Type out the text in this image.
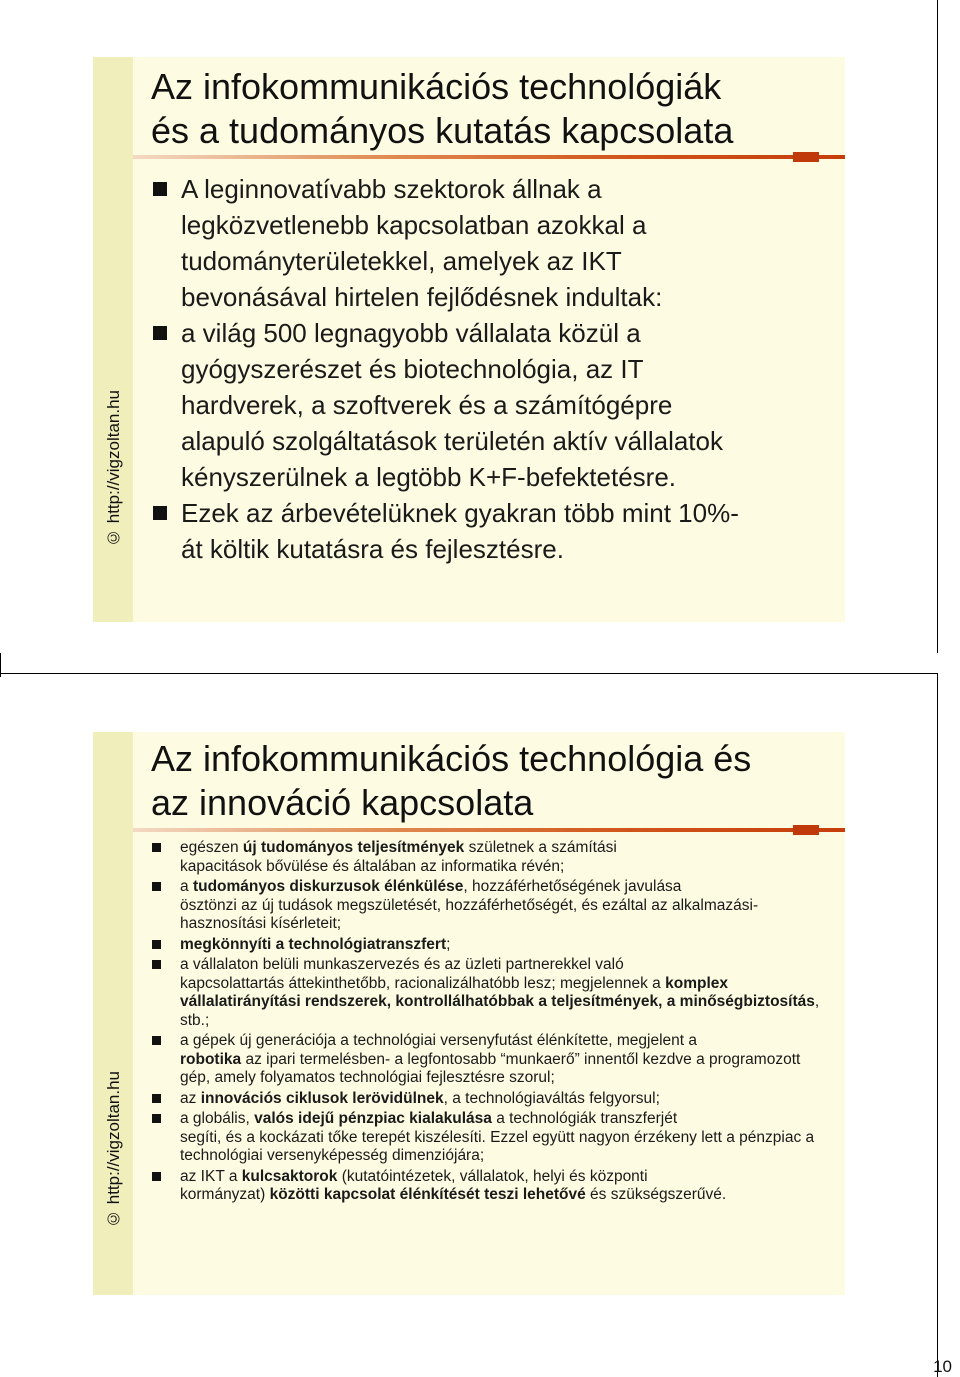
© http://vigzoltan.hu
Az infokommunikációs technológiák
és a tudományos kutatás kapcsolata
A leginnovatívabb szektorok állnak a
legközvetlenebb kapcsolatban azokkal a
tudományterületekkel, amelyek az IKT
bevonásával hirtelen fejlődésnek indultak:
a világ 500 legnagyobb vállalata közül a
gyógyszerészet és biotechnológia, az IT
hardverek, a szoftverek és a számítógépre
alapuló szolgáltatások területén aktív vállalatok
kényszerülnek a legtöbb K+F-befektetésre.
Ezek az árbevételüknek gyakran több mint 10%-
át költik kutatásra és fejlesztésre.
© http://vigzoltan.hu
Az infokommunikációs technológia és
az innováció kapcsolata
egészen új tudományos teljesítmények születnek a számítási
kapacitások bővülése és általában az informatika révén;
a tudományos diskurzusok élénkülése, hozzáférhetőségének javulása
ösztönzi az új tudások megszületését, hozzáférhetőségét, és ezáltal az alkalmazási-hasznosítási kísérleteit;
megkönnyíti a technológiatranszfert;
a vállalaton belüli munkaszervezés és az üzleti partnerekkel való
kapcsolattartás áttekinthetőbb, racionalizálhatóbb lesz; megjelennek a komplex vállalatirányítási rendszerek, kontrollálhatóbbak a teljesítmények, a minőségbiztosítás, stb.;
a gépek új generációja a technológiai versenyfutást élénkítette, megjelent a
robotika az ipari termelésben- a legfontosabb “munkaerő” innentől kezdve a programozott gép, amely folyamatos technológiai fejlesztésre szorul;
az innovációs ciklusok lerövidülnek, a technológiaváltás felgyorsul;
a globális, valós idejű pénzpiac kialakulása a technológiák transzferjét
segíti, és a kockázati tőke terepét kiszélesíti. Ezzel együtt nagyon érzékeny lett a pénzpiac a technológiai versenyképesség dimenziójára;
az IKT a kulcsaktorok (kutatóintézetek, vállalatok, helyi és központi
kormányzat) közötti kapcsolat élénkítését teszi lehetővé és szükségszerűvé.
10
